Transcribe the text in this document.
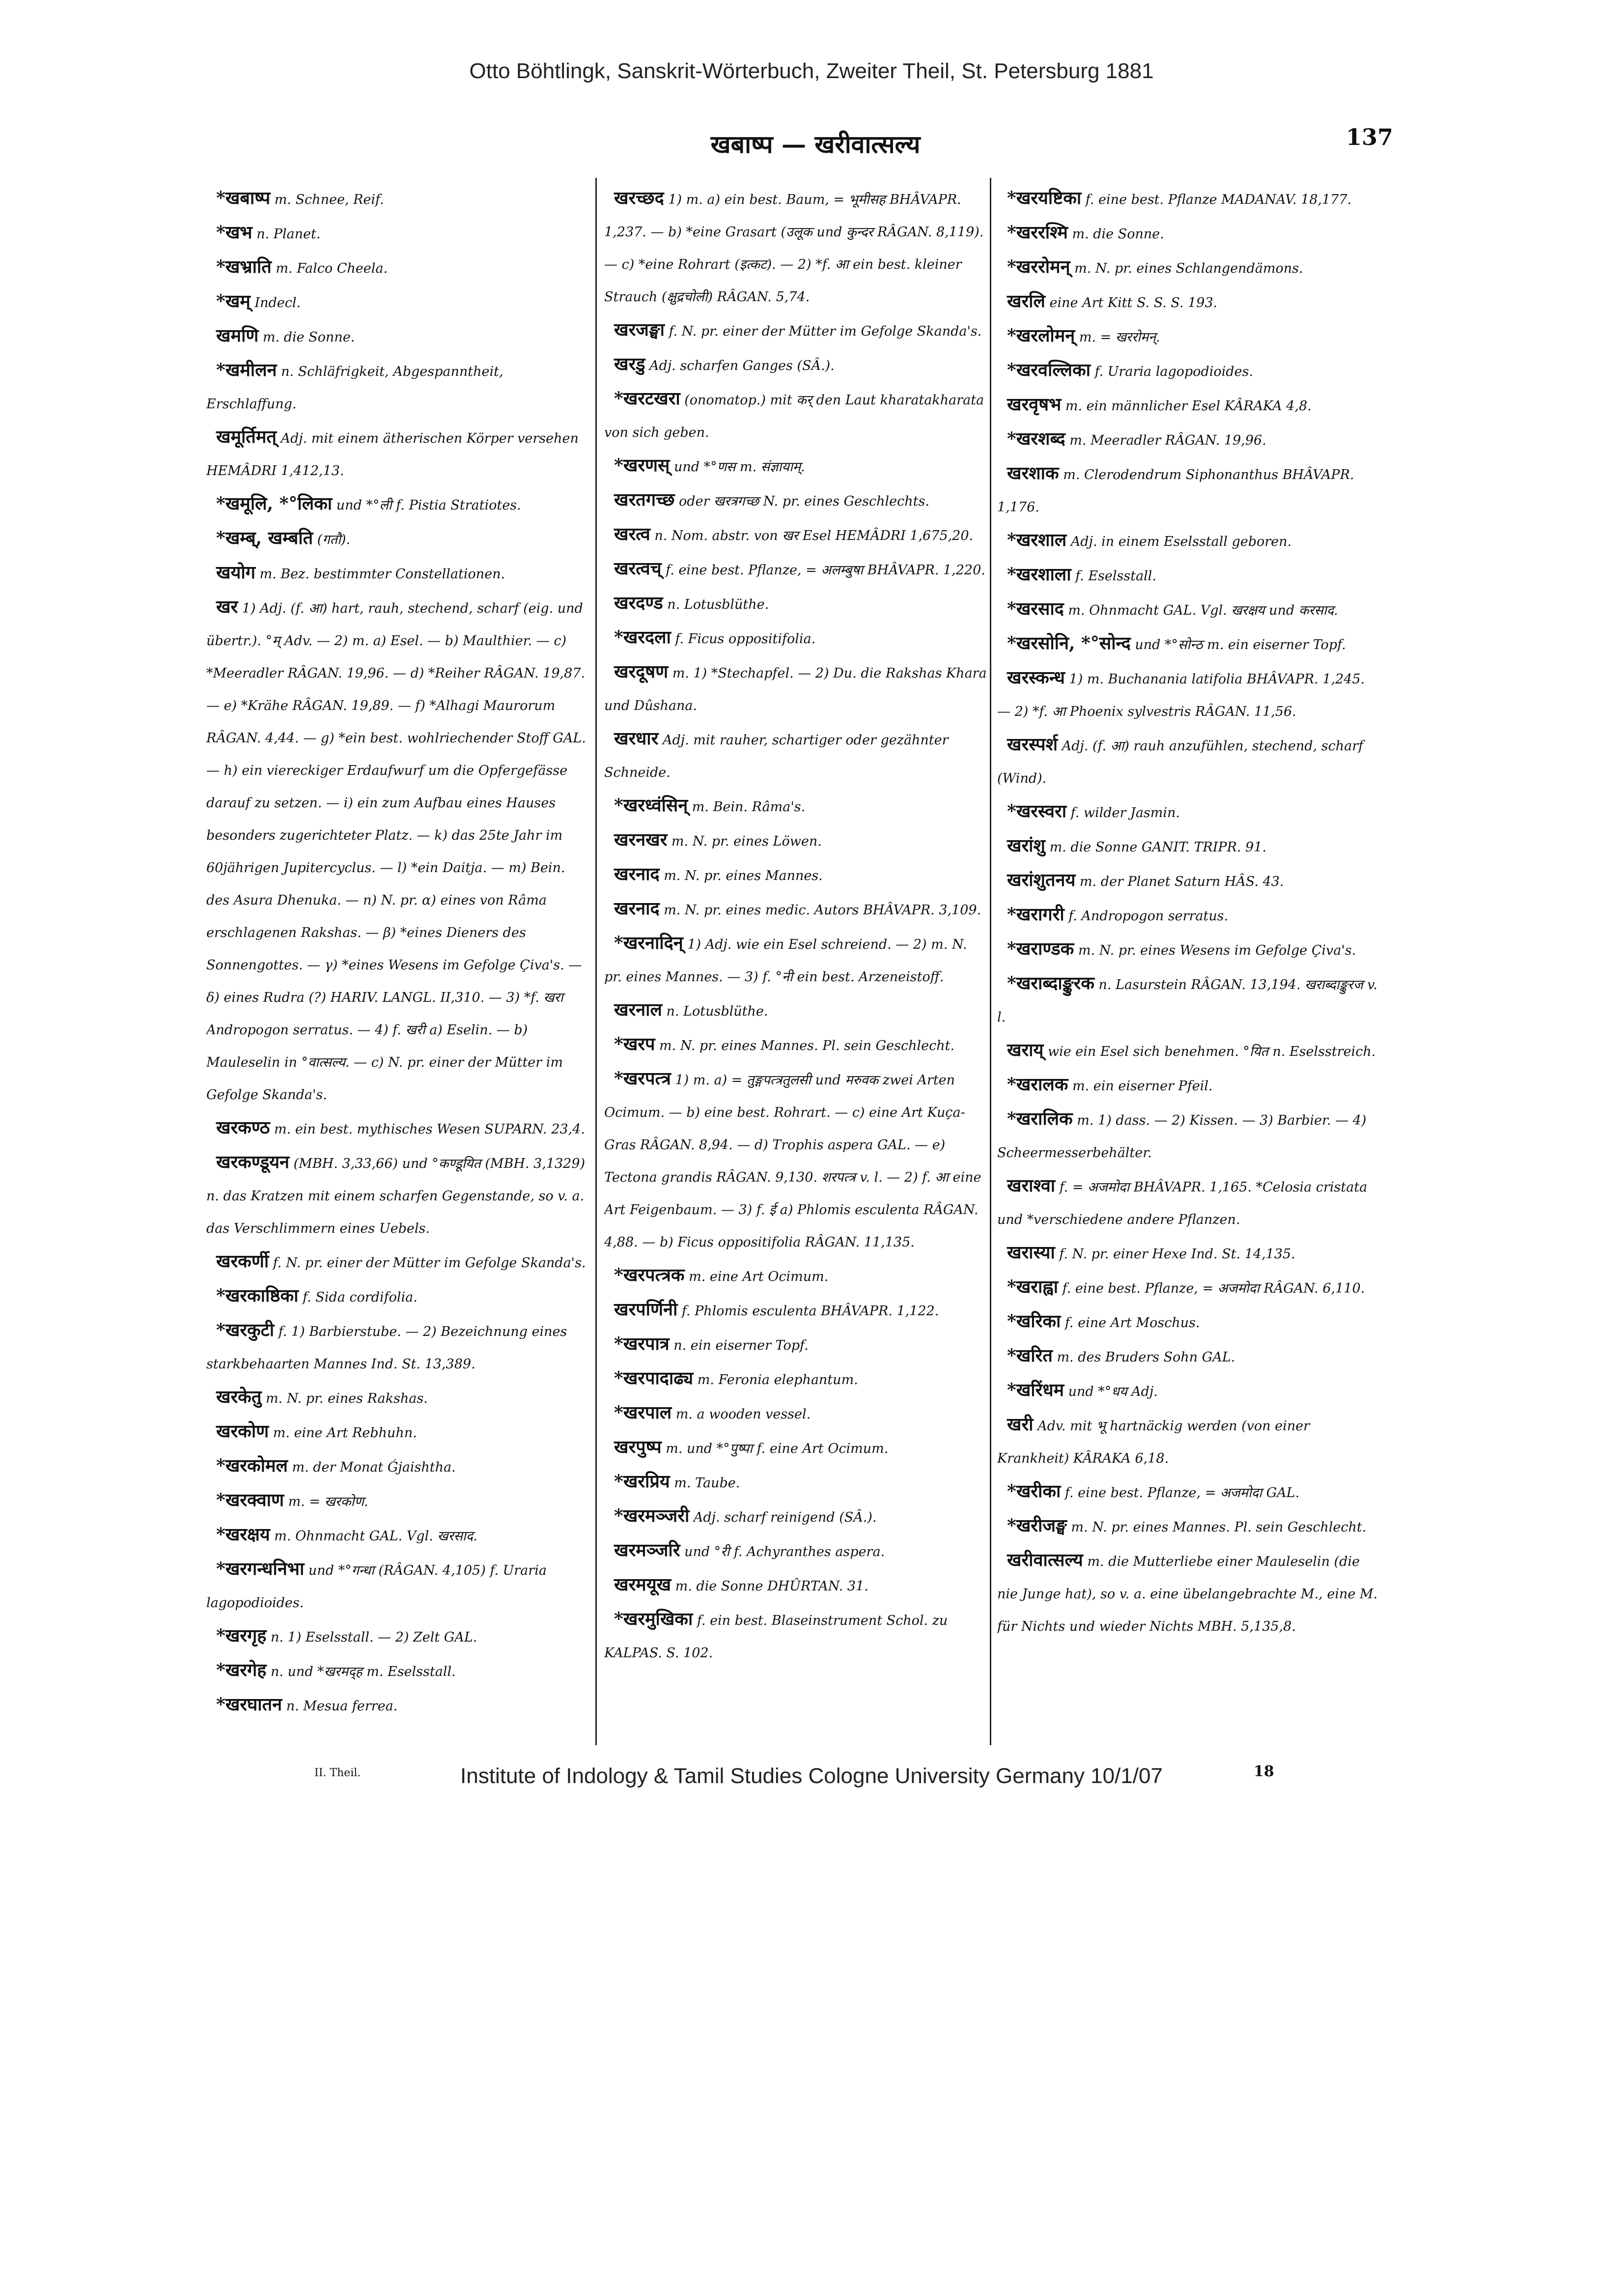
Otto Böhtlingk, Sanskrit-Wörterbuch, Zweiter Theil, St. Petersburg 1881
खबाष्प — खरीवात्सल्य	137

*खबाष्प m. Schnee, Reif.

*खभ n. Planet.

*खभ्राति m. Falco Cheela.

*खम् Indecl.

खमणि m. die Sonne.

*खमीलन n. Schläfrigkeit, Abgespanntheit, Erschlaffung.

खमूर्तिमत् Adj. mit einem ätherischen Körper versehen HEMÂDRI 1,412,13.

*खमूलि, *°लिका und *°ली f. Pistia Stratiotes.

*खम्ब्, खम्बति (गतौ).

खयोग m. Bez. bestimmter Constellationen.

खर 1) Adj. (f. आ) hart, rauh, stechend, scharf (eig. und übertr.). °म् Adv. — 2) m. a) Esel. — b) Maulthier. — c) *Meeradler RÂGAN. 19,96. — d) *Reiher RÂGAN. 19,87. — e) *Krähe RÂGAN. 19,89. — f) *Alhagi Maurorum RÂGAN. 4,44. — g) *ein best. wohlriechender Stoff GAL. — h) ein viereckiger Erdaufwurf um die Opfergefässe darauf zu setzen. — i) ein zum Aufbau eines Hauses besonders zugerichteter Platz. — k) das 25te Jahr im 60jährigen Jupitercyclus. — l) *ein Daitja. — m) Bein. des Asura Dhenuka. — n) N. pr. α) eines von Râma erschlagenen Rakshas. — β) *eines Dieners des Sonnengottes. — γ) *eines Wesens im Gefolge Çiva's. — δ) eines Rudra (?) HARIV. LANGL. II,310. — 3) *f. खरा Andropogon serratus. — 4) f. खरी a) Eselin. — b) Mauleselin in °वात्सल्य. — c) N. pr. einer der Mütter im Gefolge Skanda's.

खरकण्ठ m. ein best. mythisches Wesen SUPARN. 23,4.

खरकण्डूयन (MBH. 3,33,66) und °कण्डूयित (MBH. 3,1329) n. das Kratzen mit einem scharfen Gegenstande, so v. a. das Verschlimmern eines Uebels.

खरकर्णी f. N. pr. einer der Mütter im Gefolge Skanda's.

*खरकाष्ठिका f. Sida cordifolia.

*खरकुटी f. 1) Barbierstube. — 2) Bezeichnung eines starkbehaarten Mannes Ind. St. 13,389.

खरकेतु m. N. pr. eines Rakshas.

खरकोण m. eine Art Rebhuhn.

*खरकोमल m. der Monat Ǵjaishtha.

*खरक्वाण m. = खरकोण.

*खरक्षय m. Ohnmacht GAL. Vgl. खरसाद.

*खरगन्धनिभा und *°गन्धा (RÂGAN. 4,105) f. Uraria lagopodioides.

*खरगृह n. 1) Eselsstall. — 2) Zelt GAL.

*खरगेह n. und *खरमद्ह m. Eselsstall.

*खरघातन n. Mesua ferrea.

खरच्छद 1) m. a) ein best. Baum, = भूमीसह BHÂVAPR. 1,237. — b) *eine Grasart (उलूक und कुन्दर RÂGAN. 8,119). — c) *eine Rohrart (इत्कट). — 2) *f. आ ein best. kleiner Strauch (क्षुद्रचोली) RÂGAN. 5,74.

खरजङ्घा f. N. pr. einer der Mütter im Gefolge Skanda's.

खरडु Adj. scharfen Ganges (SÂ.).

*खरटखरा (onomatop.) mit कर् den Laut kharatakharata von sich geben.

*खरणस् und *°णस m. संज्ञायाम्.

खरतगच्छ oder खरत्रगच्छ N. pr. eines Geschlechts.

खरत्व n. Nom. abstr. von खर Esel HEMÂDRI 1,675,20.

खरत्वच् f. eine best. Pflanze, = अलम्बुषा BHÂVAPR. 1,220.

खरदण्ड n. Lotusblüthe.

*खरदला f. Ficus oppositifolia.

खरदूषण m. 1) *Stechapfel. — 2) Du. die Rakshas Khara und Dûshana.

खरधार Adj. mit rauher, schartiger oder gezähnter Schneide.

*खरध्वंसिन् m. Bein. Râma's.

खरनखर m. N. pr. eines Löwen.

खरनाद m. N. pr. eines Mannes.

खरनाद m. N. pr. eines medic. Autors BHÂVAPR. 3,109.

*खरनादिन् 1) Adj. wie ein Esel schreiend. — 2) m. N. pr. eines Mannes. — 3) f. °नी ein best. Arzeneistoff.

खरनाल n. Lotusblüthe.

*खरप m. N. pr. eines Mannes. Pl. sein Geschlecht.

*खरपत्त्र 1) m. a) = तुङ्गपत्त्रतुलसी und मरुवक zwei Arten Ocimum. — b) eine best. Rohrart. — c) eine Art Kuça-Gras RÂGAN. 8,94. — d) Trophis aspera GAL. — e) Tectona grandis RÂGAN. 9,130. शरपत्त्र v. l. — 2) f. आ eine Art Feigenbaum. — 3) f. ई a) Phlomis esculenta RÂGAN. 4,88. — b) Ficus oppositifolia RÂGAN. 11,135.

*खरपत्त्रक m. eine Art Ocimum.

खरपर्णिनी f. Phlomis esculenta BHÂVAPR. 1,122.

*खरपात्र n. ein eiserner Topf.

*खरपादाढ्य m. Feronia elephantum.

*खरपाल m. a wooden vessel.

खरपुष्प m. und *°पुष्पा f. eine Art Ocimum.

*खरप्रिय m. Taube.

*खरमञ्जरी Adj. scharf reinigend (SÂ.).

खरमञ्जरि und °री f. Achyranthes aspera.

खरमयूख m. die Sonne DHÛRTAN. 31.

*खरमुखिका f. ein best. Blaseinstrument Schol. zu KALPAS. S. 102.

*खरयष्टिका f. eine best. Pflanze MADANAV. 18,177.

*खररश्मि m. die Sonne.

*खररोमन् m. N. pr. eines Schlangendämons.

खरलि eine Art Kitt S. S. S. 193.

*खरलोमन् m. = खररोमन्.

*खरवल्लिका f. Uraria lagopodioides.

खरवृषभ m. ein männlicher Esel KÂRAKA 4,8.

*खरशब्द m. Meeradler RÂGAN. 19,96.

खरशाक m. Clerodendrum Siphonanthus BHÂVAPR. 1,176.

*खरशाल Adj. in einem Eselsstall geboren.

*खरशाला f. Eselsstall.

*खरसाद m. Ohnmacht GAL. Vgl. खरक्षय und करसाद.

*खरसोनि, *°सोन्द und *°सोन्ठ m. ein eiserner Topf.

खरस्कन्ध 1) m. Buchanania latifolia BHÂVAPR. 1,245. — 2) *f. आ Phoenix sylvestris RÂGAN. 11,56.

खरस्पर्श Adj. (f. आ) rauh anzufühlen, stechend, scharf (Wind).

*खरस्वरा f. wilder Jasmin.

खरांशु m. die Sonne GANIT. TRIPR. 91.

खरांशुतनय m. der Planet Saturn HÂS. 43.

*खरागरी f. Andropogon serratus.

*खराण्डक m. N. pr. eines Wesens im Gefolge Çiva's.

*खराब्दाङ्कुरक n. Lasurstein RÂGAN. 13,194. खराब्दाङ्कुरज v. l.

खराय् wie ein Esel sich benehmen. °यित n. Eselsstreich.

*खरालक m. ein eiserner Pfeil.

*खरालिक m. 1) dass. — 2) Kissen. — 3) Barbier. — 4) Scheermesserbehälter.

खराश्वा f. = अजमोदा BHÂVAPR. 1,165. *Celosia cristata und *verschiedene andere Pflanzen.

खरास्या f. N. pr. einer Hexe Ind. St. 14,135.

*खराह्वा f. eine best. Pflanze, = अजमोदा RÂGAN. 6,110.

*खरिका f. eine Art Moschus.

*खरित m. des Bruders Sohn GAL.

*खरिंधम und *°धय Adj.

खरी Adv. mit भू hartnäckig werden (von einer Krankheit) KÂRAKA 6,18.

*खरीका f. eine best. Pflanze, = अजमोदा GAL.

*खरीजङ्घ m. N. pr. eines Mannes. Pl. sein Geschlecht.

खरीवात्सल्य m. die Mutterliebe einer Mauleselin (die nie Junge hat), so v. a. eine übelangebrachte M., eine M. für Nichts und wieder Nichts MBH. 5,135,8.

II. Theil.	Institute of Indology & Tamil Studies Cologne University Germany 10/1/07	18
